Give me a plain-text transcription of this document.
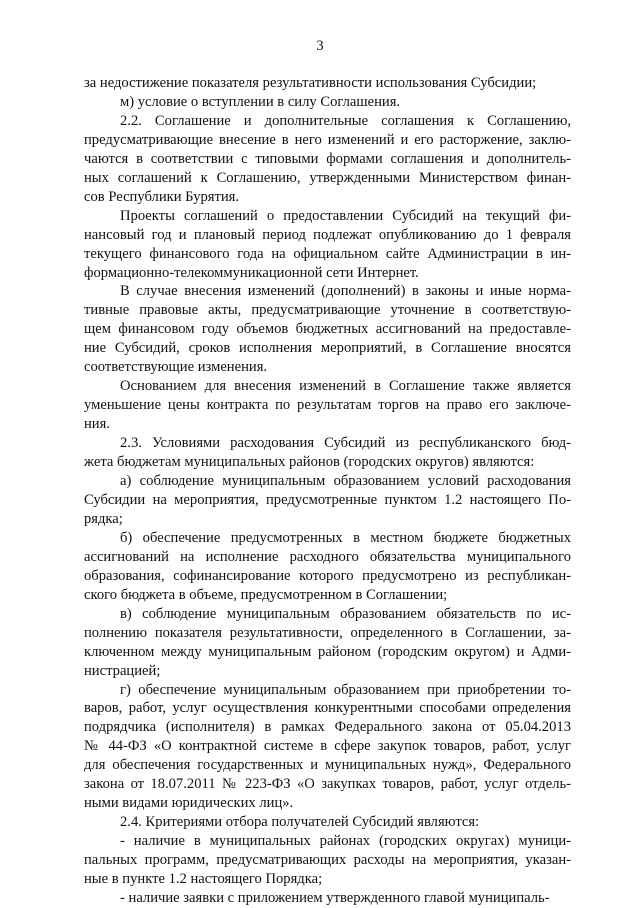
3

за недостижение показателя результативности использования Субсидии;

м) условие о вступлении в силу Соглашения.

2.2. Соглашение и дополнительные соглашения к Соглашению,
предусматривающие внесение в него изменений и его расторжение, заклю-
чаются в соответствии с типовыми формами соглашения и дополнитель-
ных соглашений к Соглашению, утвержденными Министерством финан-
сов Республики Бурятия.

Проекты соглашений о предоставлении Субсидий на текущий фи-
нансовый год и плановый период подлежат опубликованию до 1 февраля
текущего финансового года на официальном сайте Администрации в ин-
формационно-телекоммуникационной сети Интернет.

В случае внесения изменений (дополнений) в законы и иные норма-
тивные правовые акты, предусматривающие уточнение в соответствую-
щем финансовом году объемов бюджетных ассигнований на предоставле-
ние Субсидий, сроков исполнения мероприятий, в Соглашение вносятся
соответствующие изменения.

Основанием для внесения изменений в Соглашение также является
уменьшение цены контракта по результатам торгов на право его заключе-
ния.

2.3. Условиями расходования Субсидий из республиканского бюд-
жета бюджетам муниципальных районов (городских округов) являются:

а) соблюдение муниципальным образованием условий расходования
Субсидии на мероприятия, предусмотренные пунктом 1.2 настоящего По-
рядка;

б) обеспечение предусмотренных в местном бюджете бюджетных
ассигнований на исполнение расходного обязательства муниципального
образования, софинансирование которого предусмотрено из республикан-
ского бюджета в объеме, предусмотренном в Соглашении;

в) соблюдение муниципальным образованием обязательств по ис-
полнению показателя результативности, определенного в Соглашении, за-
ключенном между муниципальным районом (городским округом) и Адми-
нистрацией;

г) обеспечение муниципальным образованием при приобретении то-
варов, работ, услуг осуществления конкурентными способами определения
подрядчика (исполнителя) в рамках Федерального закона от 05.04.2013
№ 44-ФЗ «О контрактной системе в сфере закупок товаров, работ, услуг
для обеспечения государственных и муниципальных нужд», Федерального
закона от 18.07.2011 № 223-ФЗ «О закупках товаров, работ, услуг отдель-
ными видами юридических лиц».

2.4. Критериями отбора получателей Субсидий являются:

- наличие в муниципальных районах (городских округах) муници-
пальных программ, предусматривающих расходы на мероприятия, указан-
ные в пункте 1.2 настоящего Порядка;

- наличие заявки с приложением утвержденного главой муниципаль-
